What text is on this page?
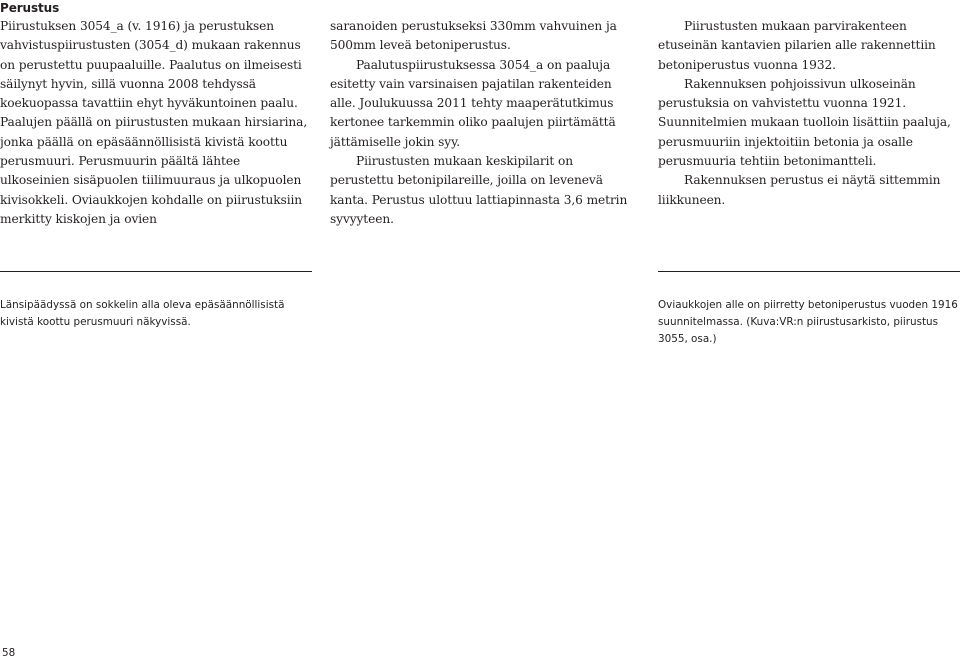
Perustus

Piirustuksen 3054_a (v. 1916) ja perustuksen vahvistuspiirustusten (3054_d) mukaan rakennus on perustettu puupaaluille. Paalutus on ilmeisesti säilynyt hyvin, sillä vuonna 2008 tehdyssä koekuopassa tavattiin ehyt hyväkuntoinen paalu. Paalujen päällä on piirustusten mukaan hirsiarina, jonka päällä on epäsäännöllisistä kivistä koottu perusmuuri. Perusmuurin päältä lähtee ulkoseinien sisäpuolen tiilimuuraus ja ulkopuolen kivisokkeli. Oviaukkojen kohdalle on piirustuksiin merkitty kiskojen ja ovien

saranoiden perustukseksi 330mm vahvuinen ja 500mm leveä betoniperustus.

Paalutuspiirustuksessa 3054_a on paaluja esitetty vain varsinaisen pajatilan rakenteiden alle. Joulukuussa 2011 tehty maaperätutkimus kertonee tarkemmin oliko paalujen piirtämättä jättämiselle jokin syy.

Piirustusten mukaan keskipilarit on perustettu betonipilareille, joilla on levenevä kanta. Perustus ulottuu lattiapinnasta 3,6 metrin syvyyteen.

Piirustusten mukaan parvirakenteen etuseinän kantavien pilarien alle rakennettiin betoniperustus vuonna 1932.

Rakennuksen pohjoissivun ulkoseinän perustuksia on vahvistettu vuonna 1921. Suunnitelmien mukaan tuolloin lisättiin paaluja, perusmuuriin injektoitiin betonia ja osalle perusmuuria tehtiin betonimantteli.

Rakennuksen perustus ei näytä sittemmin liikkuneen.

Länsipäädyssä on sokkelin alla oleva epäsäännöllisistä kivistä koottu perusmuuri näkyvissä.
Oviaukkojen alle on piirretty betoniperustus vuoden 1916 suunnitelmassa. (Kuva:VR:n piirustusarkisto, piirustus 3055, osa.)
58
